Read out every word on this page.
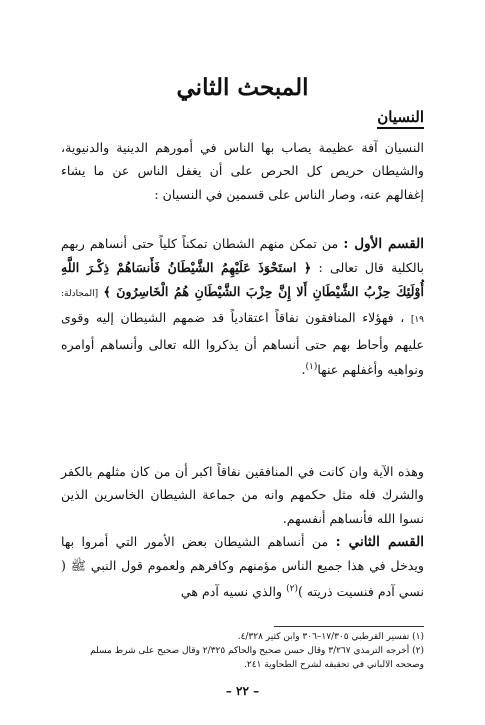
المبحث الثاني
النسيان
النسيان آفة عظيمة يصاب بها الناس في أمورهم الدينية والدنيوية، والشيطان حريص كل الحرص على أن يغفل الناس عن ما يشاء إغفالهم عنه، وصار الناس على قسمين في النسيان :
القسم الأول : من تمكن منهم الشطان تمكناً كلياً حتى أنساهم ربهم بالكلية قال تعالى : ﴿ استَحْوَذَ عَلَيْهِمُ الشَّيْطَانُ فَأَنسَاهُمْ ذِكْـرَ اللَّهِ أُوْلَئِكَ حِزْبُ الشَّيْطَانِ أَلا إِنَّ حِزْبَ الشَّيْطَانِ هُمُ الْخَاسِرُونَ ﴾ [المجادلة: ١٩] ، فهؤلاء المنافقون نفاقاً اعتقادياً قد ضمهم الشيطان إليه وقوى عليهم وأحاط بهم حتى أنساهم أن يذكروا الله تعالى وأنساهم أوامره ونواهيه وأغفلهم عنها$^{(١)}$.
وهذه الآية وان كانت في المنافقين نفاقاً اكبر أن من كان مثلهم بالكفر والشرك فله مثل حكمهم وانه من جماعة الشيطان الخاسرين الذين نسوا الله فأنساهم أنفسهم.
القسم الثاني : من أنساهم الشيطان بعض الأمور التي أمروا بها ويدخل في هذا جميع الناس مؤمنهم وكافرهم ولعموم قول النبي ﷺ ( نسي آدم فنسيت ذريته )$^{(٢)}$ والذي نسيه آدم هي
(١) تفسير القرطبي ١٧/٣٠٥–٣٠٦ وابن كثير ٤/٣٢٨.
(٢) أخرجه الترمذي ٣/٢٦٧ وقال حسن صحيح والحاكم ٢/٣٢٥ وقال صحيح على شرط مسلم وصححه الالباني في تحقيقه لشرح الطحاوية ٢٤١.
– ٢٢ –
